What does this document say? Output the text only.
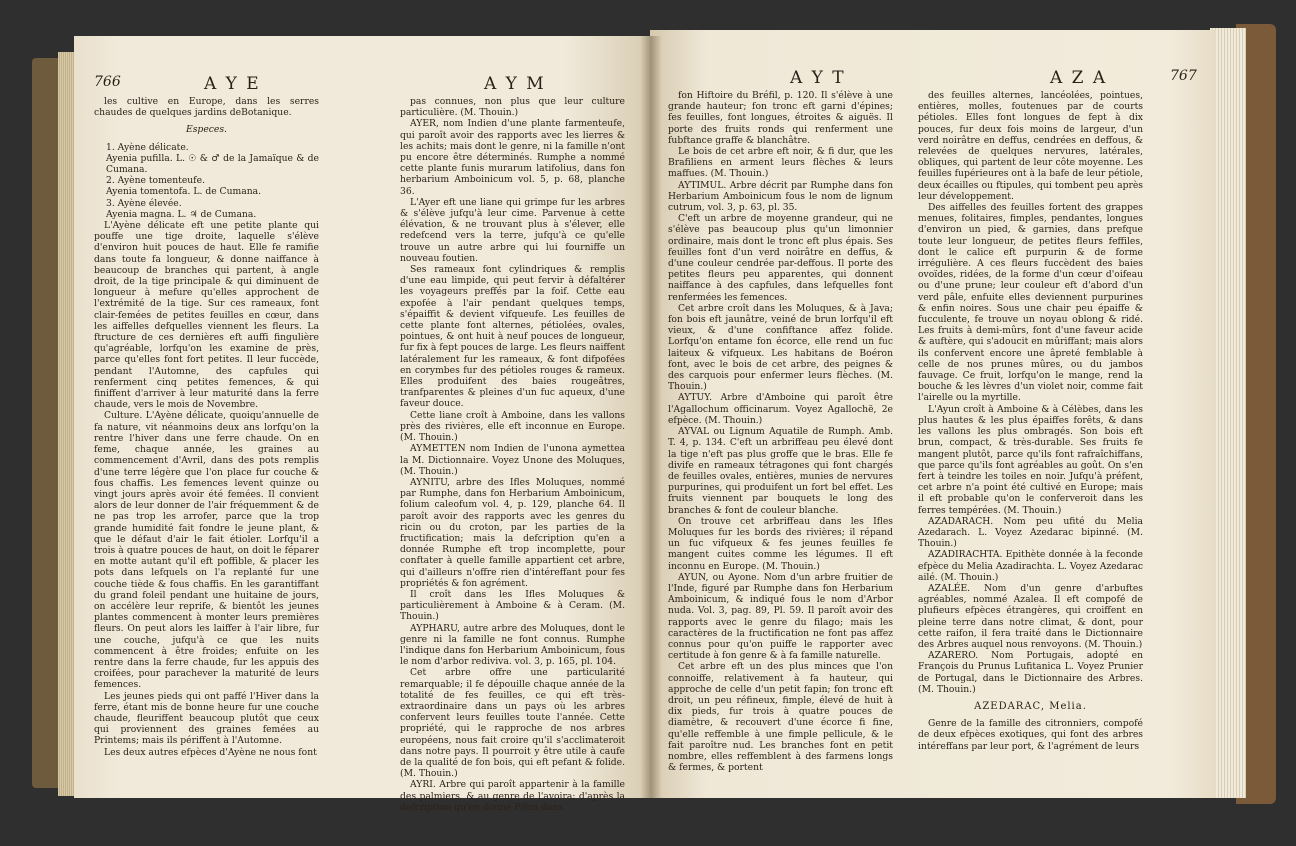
766	A Y E	A Y M

les cultive en Europe, dans les serres chaudes de quelques jardins deBotanique.

Especes.

1. Ayène délicate.

Ayenia pufilla. L. ☉ & ♂ de la Jamaïque & de Cumana.

2. Ayène tomenteufe.

Ayenia tomentofa. L. de Cumana.

3. Ayène élevée.

Ayenia magna. L. ♃ de Cumana.

L'Ayène délicate eft une petite plante qui pouffe une tige droite, laquelle s'élève d'environ huit pouces de haut. Elle fe ramifie dans toute fa longueur, & donne naiffance à beaucoup de branches qui partent, à angle droit, de la tige principale & qui diminuent de longueur à mefure qu'elles approchent de l'extrémité de la tige. Sur ces rameaux, font clair-femées de petites feuilles en cœur, dans les aiffelles defquelles viennent les fleurs. La ftructure de ces dernières eft auffi fingulière qu'agréable, lorfqu'on les examine de près, parce qu'elles font fort petites. Il leur fuccède, pendant l'Automne, des capfules qui renferment cinq petites femences, & qui finiffent d'arriver à leur maturité dans la ferre chaude, vers le mois de Novembre.

Culture. L'Ayène délicate, quoiqu'annuelle de fa nature, vit néanmoins deux ans lorfqu'on la rentre l'hiver dans une ferre chaude. On en feme, chaque année, les graines au commencement d'Avril, dans des pots remplis d'une terre légère que l'on place fur couche & fous chaffis. Les femences levent quinze ou vingt jours après avoir été femées. Il convient alors de leur donner de l'air fréquemment & de ne pas trop les arrofer, parce que la trop grande humidité fait fondre le jeune plant, & que le défaut d'air le fait étioler. Lorfqu'il a trois à quatre pouces de haut, on doit le féparer en motte autant qu'il eft poffible, & placer les pots dans lefquels on l'a replanté fur une couche tiède & fous chaffis. En les garantiffant du grand foleil pendant une huitaine de jours, on accélère leur reprife, & bientôt les jeunes plantes commencent à monter leurs premières fleurs. On peut alors les laiffer à l'air libre, fur une couche, jufqu'à ce que les nuits commencent à être froides; enfuite on les rentre dans la ferre chaude, fur les appuis des croifées, pour parachever la maturité de leurs femences.

Les jeunes pieds qui ont paffé l'Hiver dans la ferre, étant mis de bonne heure fur une couche chaude, fleuriffent beaucoup plutôt que ceux qui proviennent des graines femées au Printems; mais ils périffent à l'Automne.

Les deux autres efpèces d'Ayène ne nous font

pas connues, non plus que leur culture particulière. (M. Thouin.)

AYER, nom Indien d'une plante farmenteufe, qui paroît avoir des rapports avec les lierres & les achits; mais dont le genre, ni la famille n'ont pu encore être déterminés. Rumphe a nommé cette plante funis murarum latifolius, dans fon herbarium Amboinicum vol. 5, p. 68, planche 36.

L'Ayer eft une liane qui grimpe fur les arbres & s'élève jufqu'à leur cime. Parvenue à cette élévation, & ne trouvant plus à s'élever, elle redefcend vers la terre, jufqu'à ce qu'elle trouve un autre arbre qui lui fourniffe un nouveau foutien.

Ses rameaux font cylindriques & remplis d'une eau limpide, qui peut fervir à défaltérer les voyageurs preffés par la foif. Cette eau expofée à l'air pendant quelques temps, s'épaiffit & devient vifqueufe. Les feuilles de cette plante font alternes, pétiolées, ovales, pointues, & ont huit à neuf pouces de longueur, fur fix à fept pouces de large. Les fleurs naiffent latéralement fur les rameaux, & font difpofées en corymbes fur des pétioles rouges & rameux. Elles produifent des baies rougeâtres, tranfparentes & pleines d'un fuc aqueux, d'une faveur douce.

Cette liane croît à Amboine, dans les vallons près des rivières, elle eft inconnue en Europe. (M. Thouin.)

AYMETTEN nom Indien de l'unona aymettea la M. Dictionnaire. Voyez Unone des Moluques, (M. Thouin.)

AYNITU, arbre des Ifles Moluques, nommé par Rumphe, dans fon Herbarium Amboinicum, folium caleofum vol. 4, p. 129, planche 64. Il paroît avoir des rapports avec les genres du ricin ou du croton, par les parties de la fructification; mais la defcription qu'en a donnée Rumphe eft trop incomplette, pour conftater à quelle famille appartient cet arbre, qui d'ailleurs n'offre rien d'intéreffant pour fes propriétés & fon agrément.

Il croît dans les Ifles Moluques & particulièrement à Amboine & à Ceram. (M. Thouin.)

AYPHARU, autre arbre des Moluques, dont le genre ni la famille ne font connus. Rumphe l'indique dans fon Herbarium Amboinicum, fous le nom d'arbor rediviva. vol. 3, p. 165, pl. 104.

Cet arbre offre une particularité remarquable; il fe dépouille chaque année de la totalité de fes feuilles, ce qui eft très-extraordinaire dans un pays où les arbres confervent leurs feuilles toute l'année. Cette propriété, qui le rapproche de nos arbres européens, nous fait croire qu'il s'acclimateroit dans notre pays. Il pourroit y être utile à caufe de la qualité de fon bois, qui eft pefant & folide. (M. Thouin.)

AYRI. Arbre qui paroît appartenir à la famille des palmiers, & au genre de l'avoira; d'après la defcription qu'en donne Pifon dans

A Y T	A Z A	767

fon Hiftoire du Bréfil, p. 120. Il s'élève à une grande hauteur; fon tronc eft garni d'épines; fes feuilles, font longues, étroites & aiguës. Il porte des fruits ronds qui renferment une fubftance graffe & blanchâtre.

Le bois de cet arbre eft noir, & fi dur, que les Brafiliens en arment leurs flèches & leurs maffues. (M. Thouin.)

AYTIMUL. Arbre décrit par Rumphe dans fon Herbarium Amboinicum fous le nom de lignum cutrum, vol. 3, p. 63, pl. 35.

C'eft un arbre de moyenne grandeur, qui ne s'élève pas beaucoup plus qu'un limonnier ordinaire, mais dont le tronc eft plus épais. Ses feuilles font d'un verd noirâtre en deffus, & d'une couleur cendrée par-deffous. Il porte des petites fleurs peu apparentes, qui donnent naiffance à des capfules, dans lefquelles font renfermées les femences.

Cet arbre croît dans les Moluques, & à Java; fon bois eft jaunâtre, veiné de brun lorfqu'il eft vieux, & d'une confiftance affez folide. Lorfqu'on entame fon écorce, elle rend un fuc laiteux & vifqueux. Les habitans de Boéron font, avec le bois de cet arbre, des peignes & des carquois pour enfermer leurs flèches. (M. Thouin.)

AYTUY. Arbre d'Amboine qui paroît être l'Agallochum officinarum. Voyez Agallochë, 2e efpèce. (M. Thouin.)

AYVAL ou Lignum Aquatile de Rumph. Amb. T. 4, p. 134. C'eft un arbriffeau peu élevé dont la tige n'eft pas plus groffe que le bras. Elle fe divife en rameaux tétragones qui font chargés de feuilles ovales, entières, munies de nervures purpurines, qui produifent un fort bel effet. Les fruits viennent par bouquets le long des branches & font de couleur blanche.

On trouve cet arbriffeau dans les Ifles Moluques fur les bords des rivières; il répand un fuc vifqueux & fes jeunes feuilles fe mangent cuites comme les légumes. Il eft inconnu en Europe. (M. Thouin.)

AYUN, ou Ayone. Nom d'un arbre fruitier de l'Inde, figuré par Rumphe dans fon Herbarium Amboinicum, & indiqué fous le nom d'Arbor nuda. Vol. 3, pag. 89, Pl. 59. Il paroît avoir des rapports avec le genre du filago; mais les caractères de la fructification ne font pas affez connus pour qu'on puiffe le rapporter avec certitude à fon genre & à fa famille naturelle.

Cet arbre eft un des plus minces que l'on connoiffe, relativement à fa hauteur, qui approche de celle d'un petit fapin; fon tronc eft droit, un peu réfineux, fimple, élevé de huit à dix pieds, fur trois à quatre pouces de diamètre, & recouvert d'une écorce fi fine, qu'elle reffemble à une fimple pellicule, & le fait paroître nud. Les branches font en petit nombre, elles reffemblent à des farmens longs & fermes, & portent

des feuilles alternes, lancéolées, pointues, entières, molles, foutenues par de courts pétioles. Elles font longues de fept à dix pouces, fur deux fois moins de largeur, d'un verd noirâtre en deffus, cendrées en deffous, & relevées de quelques nervures, latérales, obliques, qui partent de leur côte moyenne. Les feuilles fupérieures ont à la bafe de leur pétiole, deux écailles ou ftipules, qui tombent peu après leur développement.

Des aiffelles des feuilles fortent des grappes menues, folitaires, fimples, pendantes, longues d'environ un pied, & garnies, dans prefque toute leur longueur, de petites fleurs feffiles, dont le calice eft purpurin & de forme irrégulière. A ces fleurs fuccèdent des baies ovoïdes, ridées, de la forme d'un cœur d'oifeau ou d'une prune; leur couleur eft d'abord d'un verd pâle, enfuite elles deviennent purpurines & enfin noires. Sous une chair peu épaiffe & fucculente, fe trouve un noyau oblong & ridé. Les fruits à demi-mûrs, font d'une faveur acide & auftère, qui s'adoucit en mûriffant; mais alors ils confervent encore une âpreté femblable à celle de nos prunes mûres, ou du jambos fauvage. Ce fruit, lorfqu'on le mange, rend la bouche & les lèvres d'un violet noir, comme fait l'airelle ou la myrtille.

L'Ayun croît à Amboine & à Célèbes, dans les plus hautes & les plus épaiffes forêts, & dans les vallons les plus ombragés. Son bois eft brun, compact, & très-durable. Ses fruits fe mangent plutôt, parce qu'ils font rafraîchiffans, que parce qu'ils font agréables au goût. On s'en fert à teindre les toiles en noir. Jufqu'à préfent, cet arbre n'a point été cultivé en Europe; mais il eft probable qu'on le conferveroit dans les ferres tempérées. (M. Thouin.)

AZADARACH. Nom peu ufité du Melia Azedarach. L. Voyez Azedarac bipinné. (M. Thouin.)

AZADIRACHTA. Epithète donnée à la feconde efpèce du Melia Azadirachta. L. Voyez Azedarac ailé. (M. Thouin.)

AZALÉE. Nom d'un genre d'arbuftes agréables, nommé Azalea. Il eft compofé de plufieurs efpèces étrangères, qui croiffent en pleine terre dans notre climat, & dont, pour cette raifon, il fera traité dans le Dictionnaire des Arbres auquel nous renvoyons. (M. Thouin.)

AZARERO. Nom Portugais, adopté en François du Prunus Lufitanica L. Voyez Prunier de Portugal, dans le Dictionnaire des Arbres. (M. Thouin.)

AZEDARAC, Melia.

Genre de la famille des citronniers, compofé de deux efpèces exotiques, qui font des arbres intéreffans par leur port, & l'agrément de leurs
